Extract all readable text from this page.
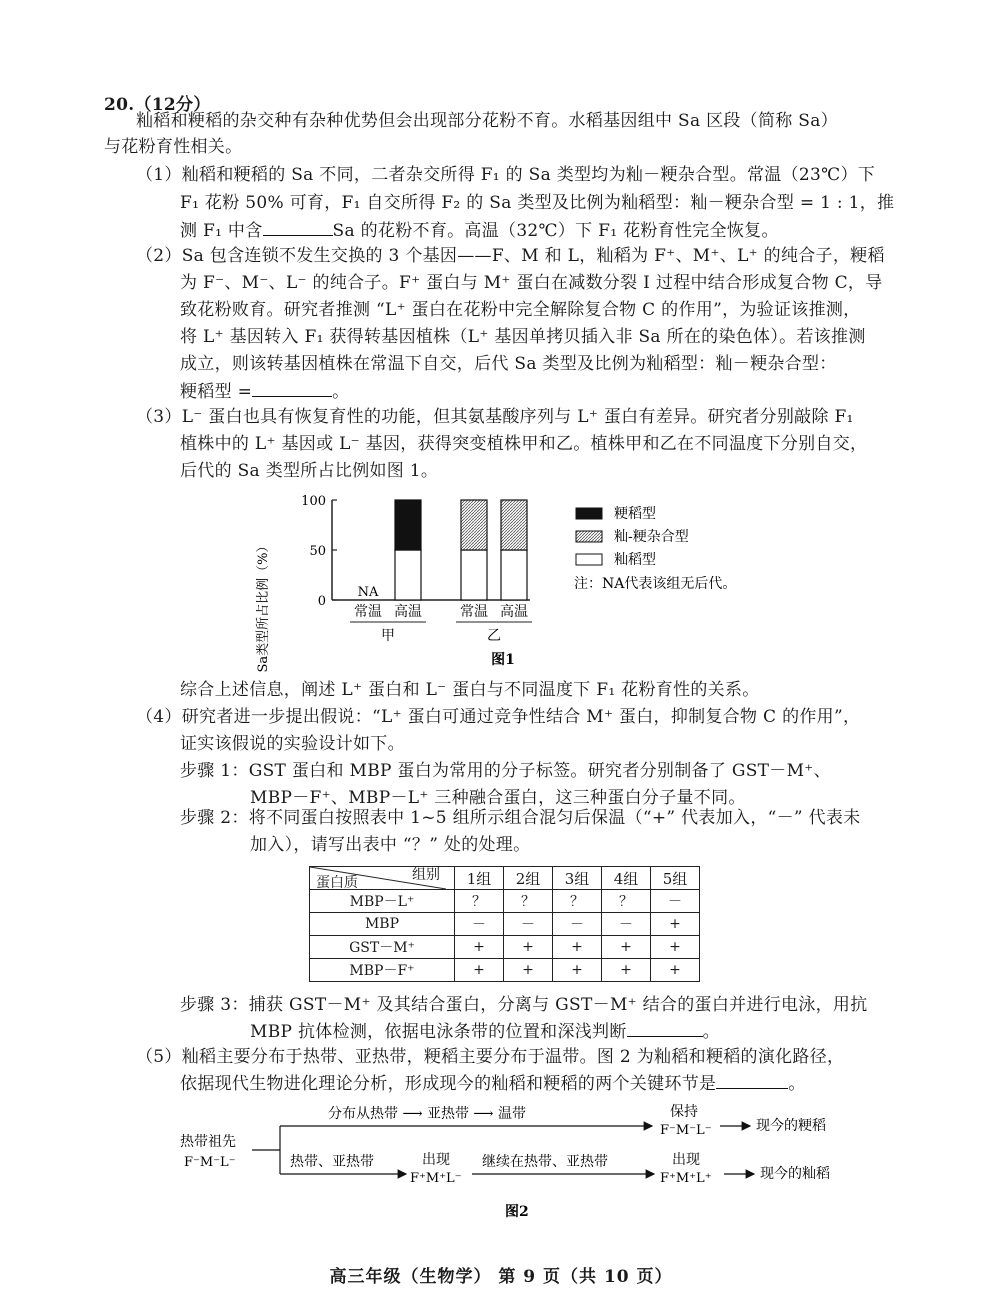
20.（12分）
籼稻和粳稻的杂交种有杂种优势但会出现部分花粉不育。水稻基因组中 Sa 区段（简称 Sa）
与花粉育性相关。
（1）籼稻和粳稻的 Sa 不同，二者杂交所得 F₁ 的 Sa 类型均为籼－粳杂合型。常温（23℃）下
F₁ 花粉 50% 可育，F₁ 自交所得 F₂ 的 Sa 类型及比例为籼稻型：籼－粳杂合型 = 1 : 1，推
测 F₁ 中含	Sa 的花粉不育。高温（32℃）下 F₁ 花粉育性完全恢复。
（2）Sa 包含连锁不发生交换的 3 个基因——F、M 和 L，籼稻为 F⁺、M⁺、L⁺ 的纯合子，粳稻
为 F⁻、M⁻、L⁻ 的纯合子。F⁺ 蛋白与 M⁺ 蛋白在减数分裂 Ⅰ 过程中结合形成复合物 C，导
致花粉败育。研究者推测 “L⁺ 蛋白在花粉中完全解除复合物 C 的作用”，为验证该推测，
将 L⁺ 基因转入 F₁ 获得转基因植株（L⁺ 基因单拷贝插入非 Sa 所在的染色体）。若该推测
成立，则该转基因植株在常温下自交，后代 Sa 类型及比例为籼稻型：籼－粳杂合型：
粳稻型 =	。
（3）L⁻ 蛋白也具有恢复育性的功能，但其氨基酸序列与 L⁺ 蛋白有差异。研究者分别敲除 F₁
植株中的 L⁺ 基因或 L⁻ 基因，获得突变植株甲和乙。植株甲和乙在不同温度下分别自交，
后代的 Sa 类型所占比例如图 1。
Sa类型所占比例（%）	0
50
100
NA
常温 高温	常温 高温
甲	乙
图1
粳稻型
籼-粳杂合型
籼稻型
注：NA代表该组无后代。
综合上述信息，阐述 L⁺ 蛋白和 L⁻ 蛋白与不同温度下 F₁ 花粉育性的关系。
（4）研究者进一步提出假说：“L⁺ 蛋白可通过竞争性结合 M⁺ 蛋白，抑制复合物 C 的作用”，
证实该假说的实验设计如下。
步骤 1：GST 蛋白和 MBP 蛋白为常用的分子标签。研究者分别制备了 GST－M⁺、
MBP－F⁺、MBP－L⁺ 三种融合蛋白，这三种蛋白分子量不同。
步骤 2：将不同蛋白按照表中 1~5 组所示组合混匀后保温（“+” 代表加入，“－” 代表未
加入），请写出表中 “？” 处的处理。
组别
蛋白质	1组	2组	3组	4组	5组
MBP－L⁺	？	？	？	？	－
MBP	－	－	－	－	+
GST－M⁺	+	+	+	+	+
MBP－F⁺	+	+	+	+	+
步骤 3：捕获 GST－M⁺ 及其结合蛋白，分离与 GST－M⁺ 结合的蛋白并进行电泳，用抗
MBP 抗体检测，依据电泳条带的位置和深浅判断	。
（5）籼稻主要分布于热带、亚热带，粳稻主要分布于温带。图 2 为籼稻和粳稻的演化路径，
依据现代生物进化理论分析，形成现今的籼稻和粳稻的两个关键环节是	。
热带祖先
F⁻M⁻L⁻
分布从热带 ⟶ 亚热带 ⟶ 温带	保持
F⁻M⁻L⁻	现今的粳稻
热带、亚热带	出现
F⁺M⁺L⁻
继续在热带、亚热带	出现
F⁺M⁺L⁺	现今的籼稻
图2
高三年级（生物学） 第 9 页（共 10 页）
